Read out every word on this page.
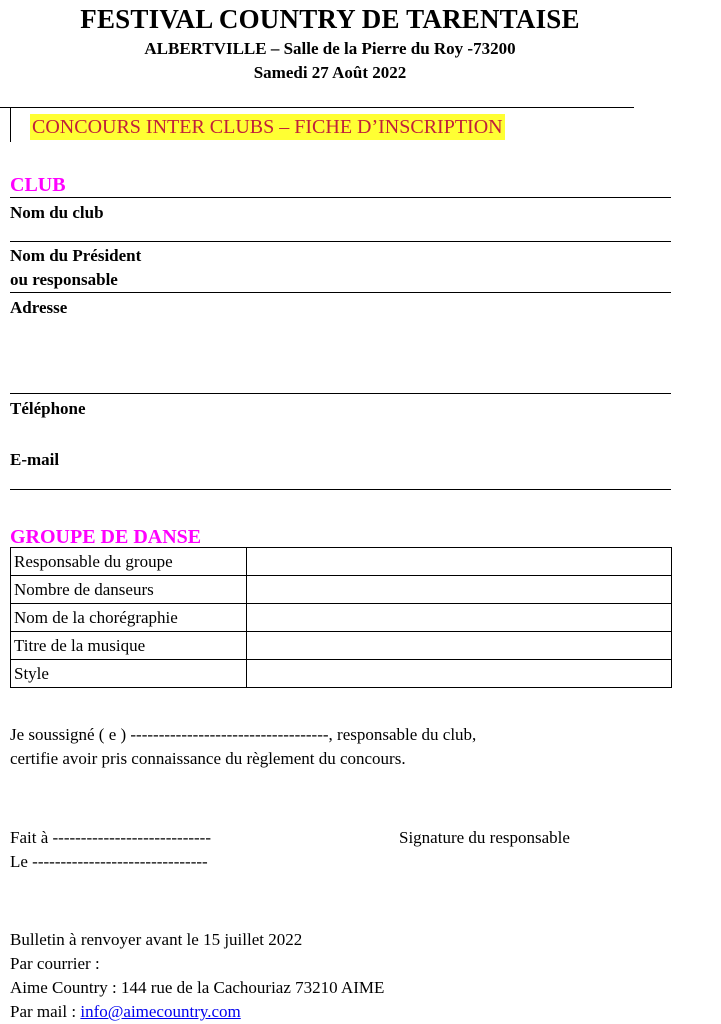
FESTIVAL COUNTRY DE TARENTAISE
ALBERTVILLE – Salle de la Pierre du Roy -73200
Samedi 27 Août 2022
CONCOURS INTER CLUBS – FICHE D’INSCRIPTION
CLUB
Nom du club
Nom du Président
ou responsable
Adresse
Téléphone
E-mail
GROUPE DE DANSE
Responsable du groupe	
Nombre de danseurs	
Nom de la chorégraphie	
Titre de la musique	
Style	
Je soussigné ( e ) -----------------------------------, responsable du club,
certifie avoir pris connaissance du règlement du concours.
Fait à ----------------------------	Signature du responsable
Le -------------------------------
Bulletin à renvoyer avant le 15 juillet 2022
Par courrier :
Aime Country : 144 rue de la Cachouriaz 73210 AIME
Par mail : info@aimecountry.com
